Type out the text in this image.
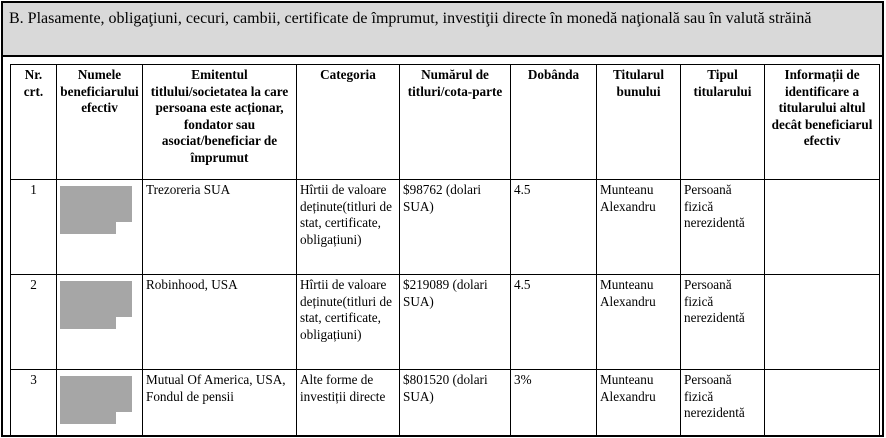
B. Plasamente, obligaţiuni, cecuri, cambii, certificate de împrumut, investiţii directe în monedă naţională sau în valută străină
Nr. crt.	Numele beneficiarului efectiv	Emitentul titlului/societatea la care persoana este acționar, fondator sau asociat/beneficiar de împrumut	Categoria	Numărul de titluri/cota-parte	Dobânda	Titularul bunului	Tipul titularului	Informații de identificare a titularului altul decât beneficiarul efectiv
1		Trezoreria SUA	Hîrtii de valoare deținute(titluri de stat, certificate, obligațiuni)	$98762 (dolari SUA)	4.5	Munteanu Alexandru	Persoană fizică nerezidentă	
2		Robinhood, USA	Hîrtii de valoare deținute(titluri de stat, certificate, obligațiuni)	$219089 (dolari SUA)	4.5	Munteanu Alexandru	Persoană fizică nerezidentă	
3		Mutual Of America, USA, Fondul de pensii	Alte forme de investiții directe	$801520 (dolari SUA)	3%	Munteanu Alexandru	Persoană fizică nerezidentă	
